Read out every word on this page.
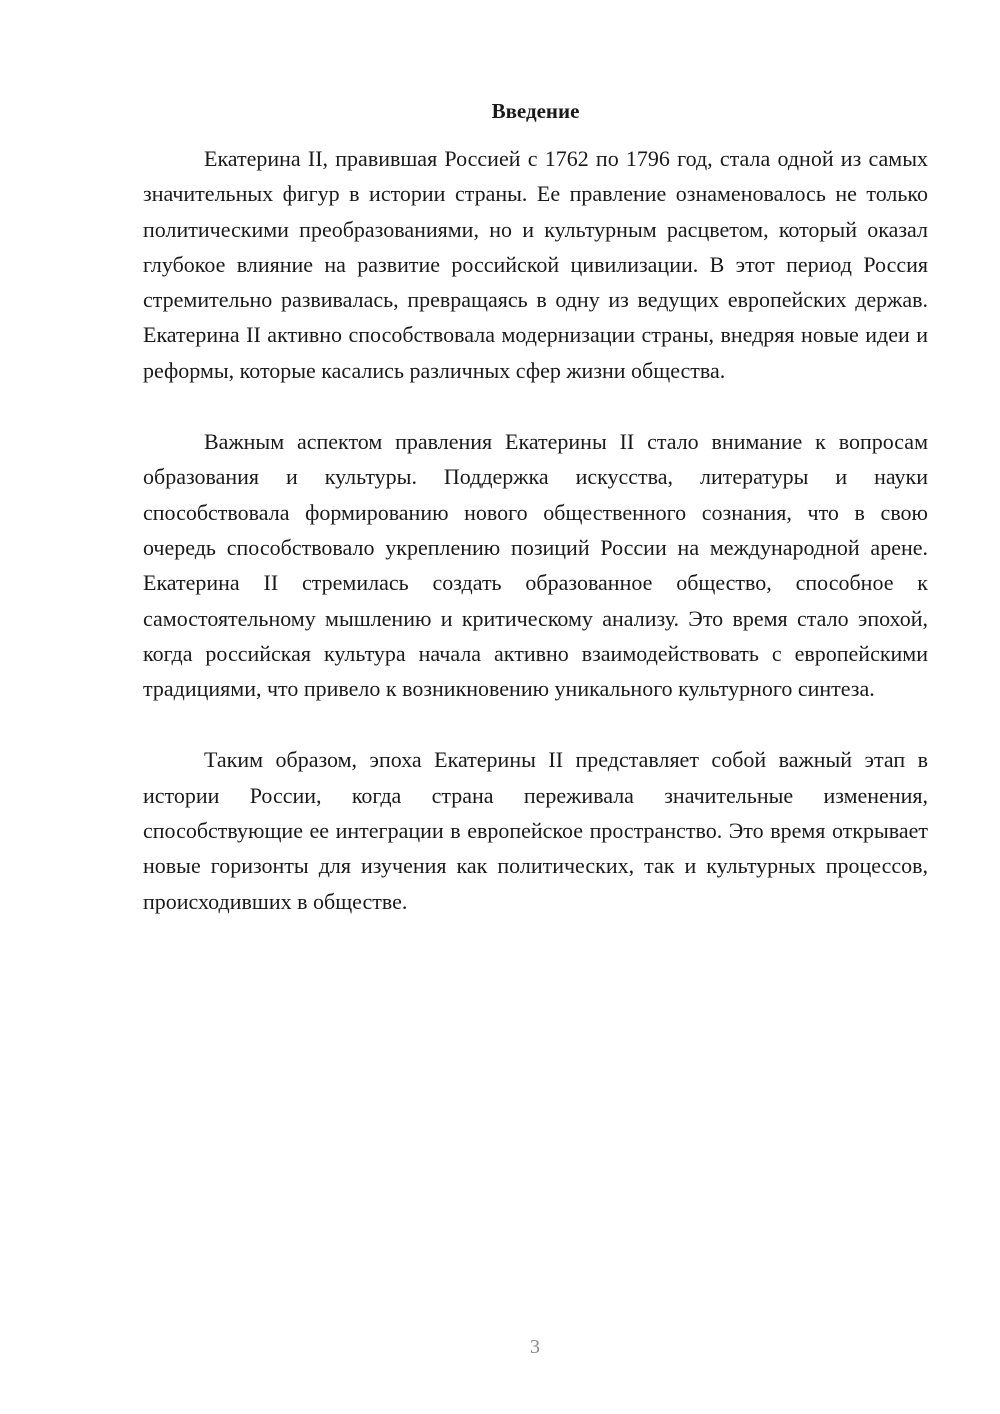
Введение

Екатерина II, правившая Россией с 1762 по 1796 год, стала одной из самых значительных фигур в истории страны. Ее правление ознаменовалось не только политическими преобразованиями, но и культурным расцветом, который оказал глубокое влияние на развитие российской цивилизации. В этот период Россия стремительно развивалась, превращаясь в одну из ведущих европейских держав. Екатерина II активно способствовала модернизации страны, внедряя новые идеи и реформы, которые касались различных сфер жизни общества.

Важным аспектом правления Екатерины II стало внимание к вопросам образования и культуры. Поддержка искусства, литературы и науки способствовала формированию нового общественного сознания, что в свою очередь способствовало укреплению позиций России на международной арене. Екатерина II стремилась создать образованное общество, способное к самостоятельному мышлению и критическому анализу. Это время стало эпохой, когда российская культура начала активно взаимодействовать с европейскими традициями, что привело к возникновению уникального культурного синтеза.

Таким образом, эпоха Екатерины II представляет собой важный этап в истории России, когда страна переживала значительные изменения, способствующие ее интеграции в европейское пространство. Это время открывает новые горизонты для изучения как политических, так и культурных процессов, происходивших в обществе.

3
